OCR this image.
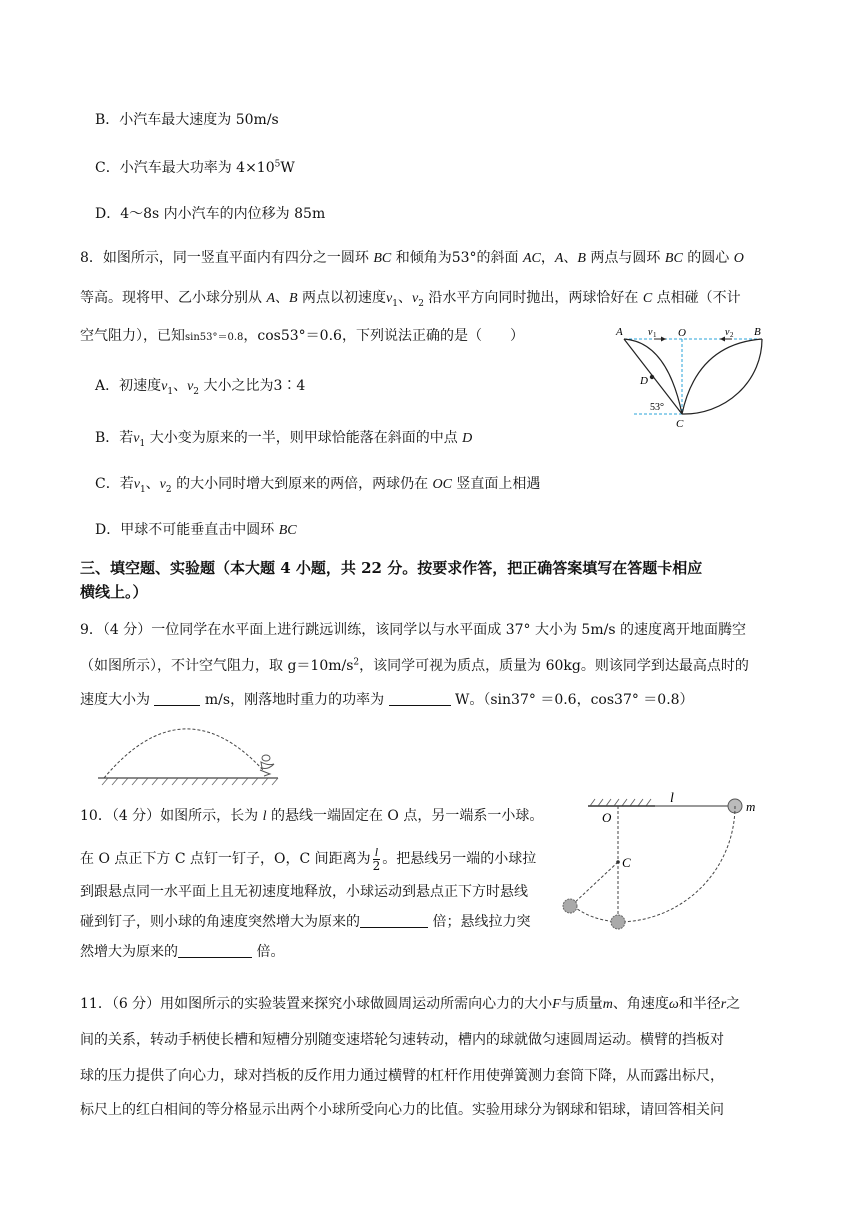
B．小汽车最大速度为 50m/s
C．小汽车最大功率为 $4\times 10^5W$
D．4～8s 内小汽车的内位移为 85m
8．如图所示，同一竖直平面内有四分之一圆环 BC 和倾角为53°的斜面 AC，A、B 两点与圆环 BC 的圆心 O
等高。现将甲、乙小球分别从 A、B 两点以初速度$v_1$、$v_2$ 沿水平方向同时抛出，两球恰好在 C 点相碰（不计
空气阻力），已知sin53°＝0.8，cos53°＝0.6，下列说法正确的是（　　）
A．初速度$v_1$、$v_2$ 大小之比为3∶4
B．若$v_1$ 大小变为原来的一半，则甲球恰能落在斜面的中点 D
C．若$v_1$、$v_2$ 的大小同时增大到原来的两倍，两球仍在 OC 竖直面上相遇
D．甲球不可能垂直击中圆环 BC
A	O	B
D
C
53°
v 1	v 2
三、填空题、实验题（本大题 4 小题，共 22 分。按要求作答，把正确答案填写在答题卡相应
横线上。）
9．（4 分）一位同学在水平面上进行跳远训练，该同学以与水平面成 37° 大小为 5m/s 的速度离开地面腾空
（如图所示），不计空气阻力，取 $g=10m/s^2$，该同学可视为质点，质量为 60kg。则该同学到达最高点时的
速度大小为	m/s，刚落地时重力的功率为	W。（sin37° ＝0.6，cos37° ＝0.8）
10．（4 分）如图所示，长为 l 的悬线一端固定在 O 点，另一端系一小球。
在 O 点正下方 C 点钉一钉子，O，C 间距离为 $\frac{l}{2}$ 。把悬线另一端的小球拉
到跟悬点同一水平面上且无初速度地释放，小球运动到悬点正下方时悬线
碰到钉子，则小球的角速度突然增大为原来的	倍；悬线拉力突
然增大为原来的	倍。
l
m
O
C
11．（6 分）用如图所示的实验装置来探究小球做圆周运动所需向心力的大小F与质量m、角速度ω和半径r之
间的关系，转动手柄使长槽和短槽分别随变速塔轮匀速转动，槽内的球就做匀速圆周运动。横臂的挡板对
球的压力提供了向心力，球对挡板的反作用力通过横臂的杠杆作用使弹簧测力套筒下降，从而露出标尺，
标尺上的红白相间的等分格显示出两个小球所受向心力的比值。实验用球分为钢球和铝球，请回答相关问
